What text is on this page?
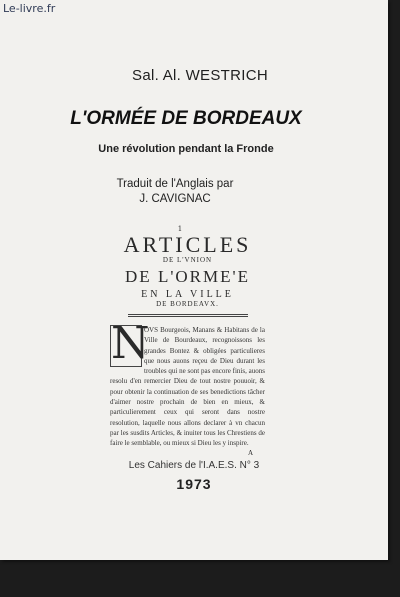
Le-livre.fr
Sal. Al. WESTRICH
L'ORMÉE DE BORDEAUX
Une révolution pendant la Fronde
Traduit de l'Anglais par
J. CAVIGNAC
1
ARTICLES
DE L'VNION
DE L'ORME'E
EN LA VILLE
DE BORDEAVX.
N
OVS Bourgeois, Manans & Habitans de la Ville de Bourdeaux, recognoissons les grandes Bontez & obligées particulieres que nous auons reçeu de Dieu durant les troubles qui ne sont pas encore finis, auons resolu d'en remercier Dieu de tout nostre pouuoir, & pour obtenir la continuation de ses benedictions tâcher d'aimer nostre prochain de bien en mieux, & particulierement ceux qui seront dans nostre resolution, laquelle nous allons declarer à vn chacun par les susdits Articles, & inuiter tous les Chrestiens de faire le semblable, ou mieux si Dieu les y inspire.
A
Les Cahiers de l'I.A.E.S. N° 3
1973
